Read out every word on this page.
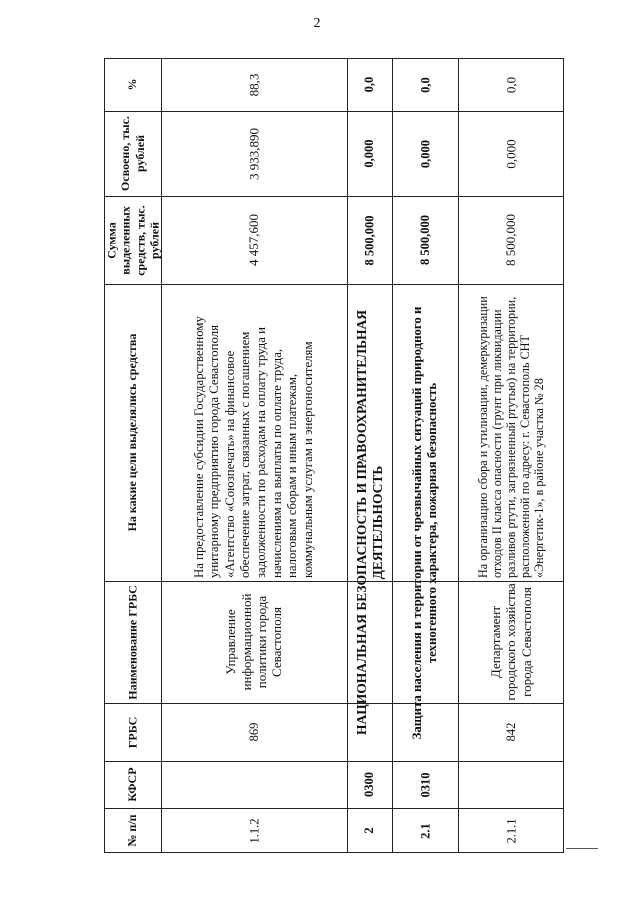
2
№ п/п
КФСР
ГРБС
Наименование ГРБС
На какие цели выделялись средства
Сумма выделенных средств, тыс. рублей
Освоено, тыс. рублей
%
1.1.2
869
Управление информационной политики города Севастополя
На предоставление субсидии Государственному унитарному предприятию города Севастополя «Агентство «Союзпечать» на финансовое обеспечение затрат, связанных с погашением задолженности по расходам на оплату труда и начислениям на выплаты по оплате труда, налоговым сборам и иным платежам, коммунальным услугам и энергоносителям
4 457,600
3 933,890
88,3
2
0300
НАЦИОНАЛЬНАЯ БЕЗОПАСНОСТЬ И ПРАВООХРАНИТЕЛЬНАЯ ДЕЯТЕЛЬНОСТЬ
8 500,000
0,000
0,0
2.1
0310
Защита населения и территории от чрезвычайных ситуаций природного и техногенного характера, пожарная безопасность
8 500,000
0,000
0,0
2.1.1
842
Департамент городского хозяйства города Севастополя
На организацию сбора и утилизации, демеркуризации отходов II класса опасности (грунт при ликвидации разливов ртути, загрязненный ртутью) на территории, расположенной по адресу: г. Севастополь СНТ «Энергетик-1», в районе участка № 28
8 500,000
0,000
0,0
